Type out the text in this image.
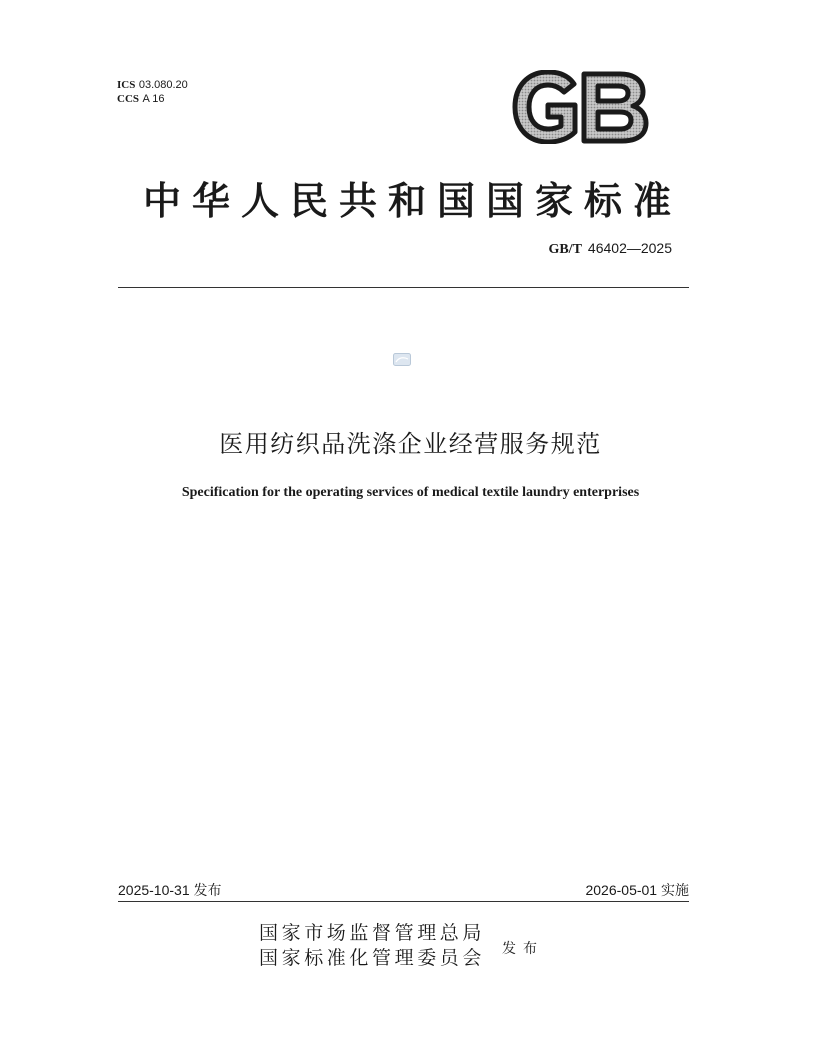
ICS 03.080.20
CCS A 16
中华人民共和国国家标准
GB/T 46402—2025
医用纺织品洗涤企业经营服务规范
Specification for the operating services of medical textile laundry enterprises
2025-10-31 发布	2026-05-01 实施
国家市场监督管理总局
国家标准化管理委员会 发布
